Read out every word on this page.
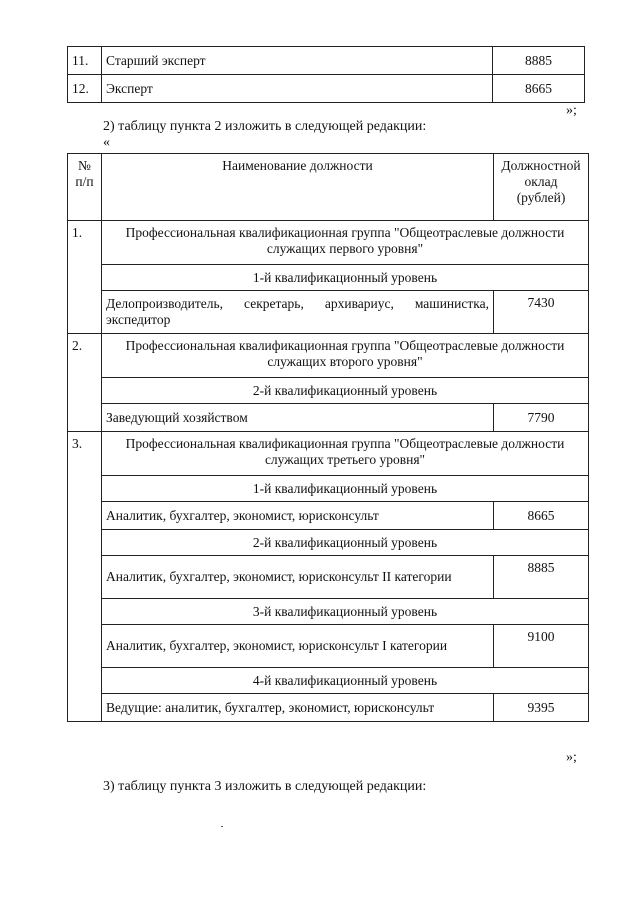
11.	Старший эксперт	8885
12.	Эксперт	8665
»;
2) таблицу пункта 2 изложить в следующей редакции:
«
№
п/п	Наименование должности	Должностной
оклад
(рублей)
1.	Профессиональная квалификационная группа "Общеотраслевые должности служащих первого уровня"	
	1-й квалификационный уровень	
	Делопроизводитель, секретарь, архивариус, машинистка, экспедитор	7430
2.	Профессиональная квалификационная группа "Общеотраслевые должности служащих второго уровня"	
	2-й квалификационный уровень	
	Заведующий хозяйством	7790
3.	Профессиональная квалификационная группа "Общеотраслевые должности служащих третьего уровня"	
	1-й квалификационный уровень	
	Аналитик, бухгалтер, экономист, юрисконсульт	8665
	2-й квалификационный уровень	
	Аналитик, бухгалтер, экономист, юрисконсульт II категории	8885
	3-й квалификационный уровень	
	Аналитик, бухгалтер, экономист, юрисконсульт I категории	9100
	4-й квалификационный уровень	
	Ведущие: аналитик, бухгалтер, экономист, юрисконсульт	9395
»;
3) таблицу пункта 3 изложить в следующей редакции:
